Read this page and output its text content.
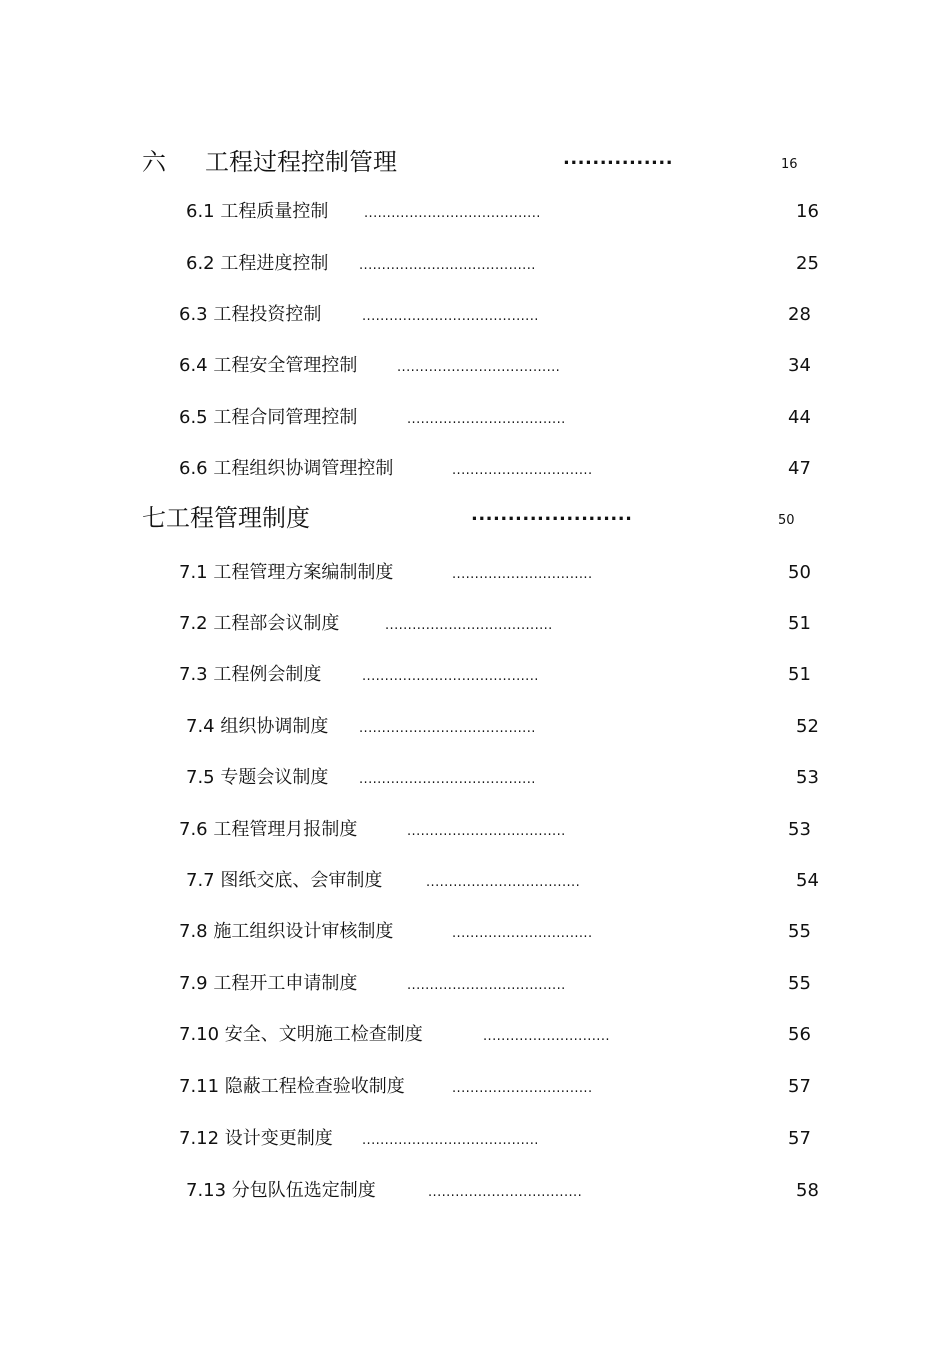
六 工程过程控制管理	...............	16
6.1 工程质量控制	.......................................	16
6.2 工程进度控制 .......................................	25
6.3 工程投资控制	.......................................	28
6.4 工程安全管理控制	....................................	34
6.5 工程合同管理控制	...................................	44
6.6 工程组织协调管理控制	...............................	47
七工程管理制度	......................	50
7.1 工程管理方案编制制度	...............................	50
7.2 工程部会议制度	.....................................	51
7.3 工程例会制度	.......................................	51
7.4 组织协调制度 .......................................	52
7.5 专题会议制度 .......................................	53
7.6 工程管理月报制度	...................................	53
7.7 图纸交底、会审制度	..................................	54
7.8 施工组织设计审核制度	...............................	55
7.9 工程开工申请制度	...................................	55
7.10 安全、文明施工检查制度	............................	56
7.11 隐蔽工程检查验收制度	...............................	57
7.12 设计变更制度 .......................................	57
7.13 分包队伍选定制度	..................................	58
